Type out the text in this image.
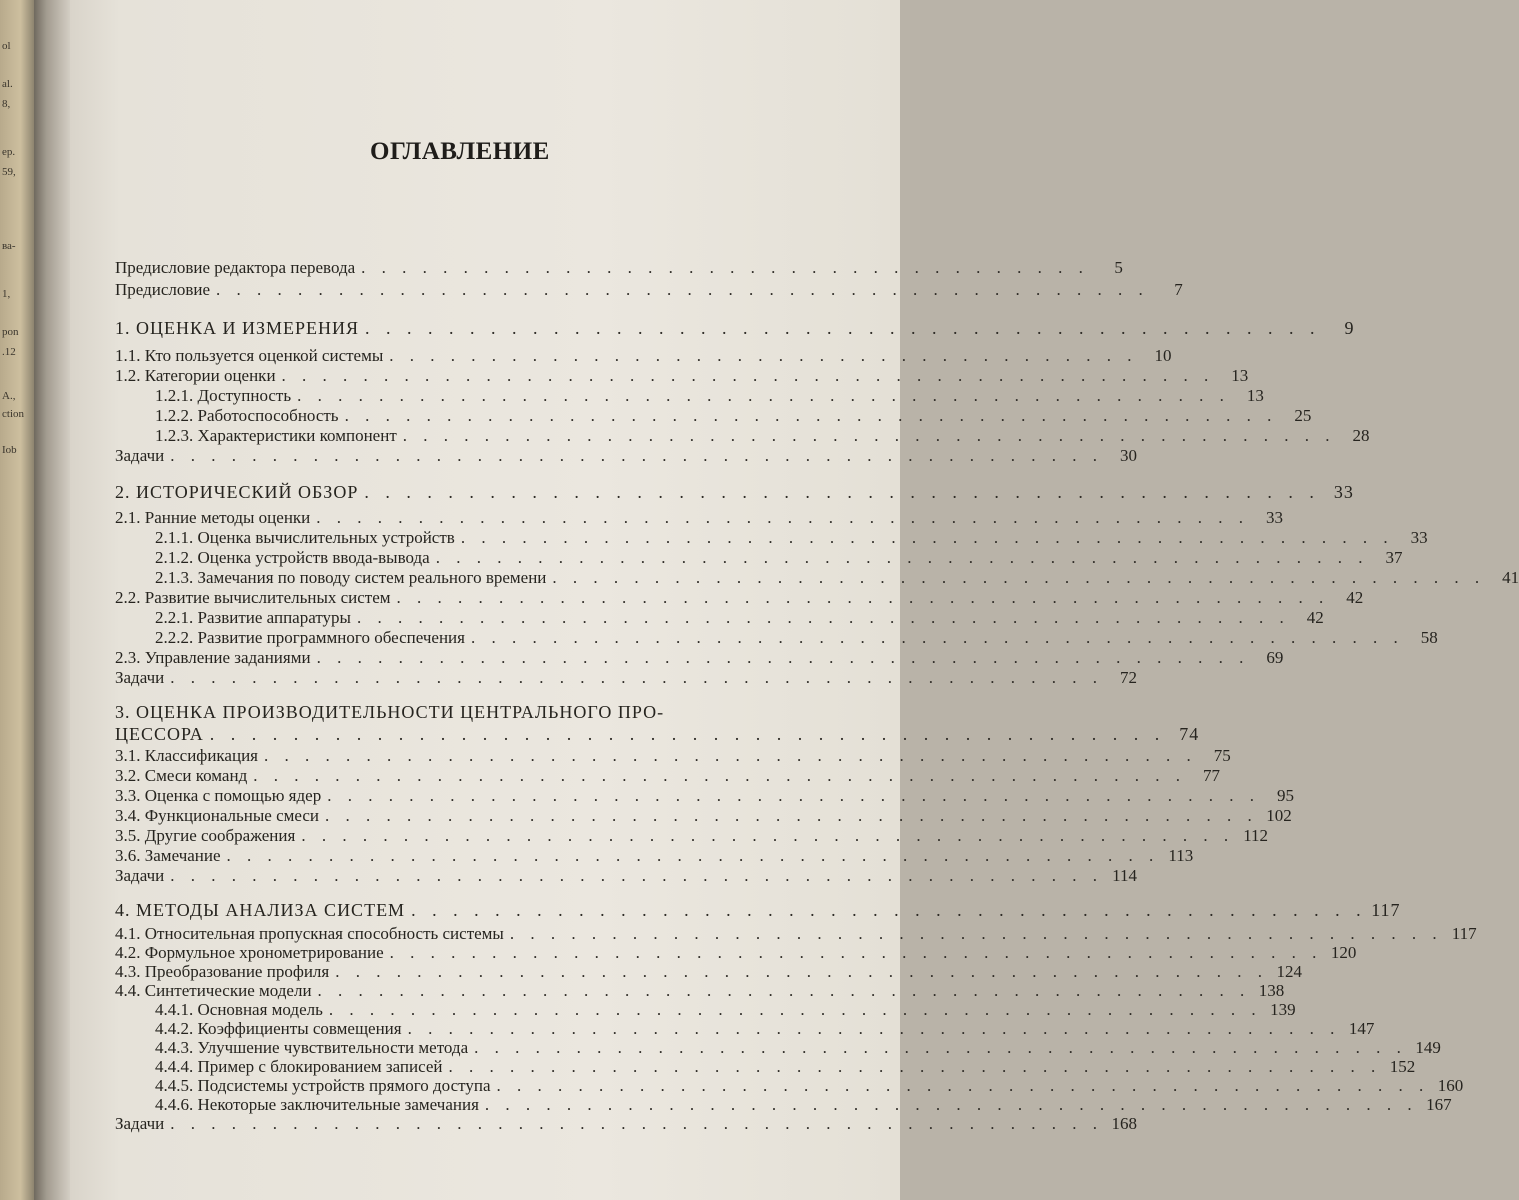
ol
al.
8,
ep.
59,
ва-
1,
pon
.12
A.,
ction
Iob
ОГЛАВЛЕНИЕ
Предисловие редактора перевода . . . . . . . . . . . . . . . . . . . . . . . . . . . . . . . . . . . .	5
Предисловие . . . . . . . . . . . . . . . . . . . . . . . . . . . . . . . . . . . . . . . . . . . . . .	7
1. ОЦЕНКА И ИЗМЕРЕНИЯ . . . . . . . . . . . . . . . . . . . . . . . . . . . . . . . . . . . . . . . . . . . . . .	9
1.1. Кто пользуется оценкой системы . . . . . . . . . . . . . . . . . . . . . . . . . . . . . . . . . . . . .	10
1.2. Категории оценки . . . . . . . . . . . . . . . . . . . . . . . . . . . . . . . . . . . . . . . . . . . . . .	13
1.2.1. Доступность . . . . . . . . . . . . . . . . . . . . . . . . . . . . . . . . . . . . . . . . . . . . . .	13
1.2.2. Работоспособность . . . . . . . . . . . . . . . . . . . . . . . . . . . . . . . . . . . . . . . . . . . . . .	25
1.2.3. Характеристики компонент . . . . . . . . . . . . . . . . . . . . . . . . . . . . . . . . . . . . . . . . . . . . . .	28
Задачи . . . . . . . . . . . . . . . . . . . . . . . . . . . . . . . . . . . . . . . . . . . . . .	30
2. ИСТОРИЧЕСКИЙ ОБЗОР . . . . . . . . . . . . . . . . . . . . . . . . . . . . . . . . . . . . . . . . . . . . . . 33
2.1. Ранние методы оценки . . . . . . . . . . . . . . . . . . . . . . . . . . . . . . . . . . . . . . . . . . . . . .	33
2.1.1. Оценка вычислительных устройств . . . . . . . . . . . . . . . . . . . . . . . . . . . . . . . . . . . . . . . . . . . . . .	33
2.1.2. Оценка устройств ввода-вывода . . . . . . . . . . . . . . . . . . . . . . . . . . . . . . . . . . . . . . . . . . . . . .	37
2.1.3. Замечания по поводу систем реального времени . . . . . . . . . . . . . . . . . . . . . . . . . . . . . . . . . . . . . . . . . . . . . .	41
2.2. Развитие вычислительных систем . . . . . . . . . . . . . . . . . . . . . . . . . . . . . . . . . . . . . . . . . . . . . .	42
2.2.1. Развитие аппаратуры . . . . . . . . . . . . . . . . . . . . . . . . . . . . . . . . . . . . . . . . . . . . . .	42
2.2.2. Развитие программного обеспечения . . . . . . . . . . . . . . . . . . . . . . . . . . . . . . . . . . . . . . . . . . . . . .	58
2.3. Управление заданиями . . . . . . . . . . . . . . . . . . . . . . . . . . . . . . . . . . . . . . . . . . . . . .	69
Задачи . . . . . . . . . . . . . . . . . . . . . . . . . . . . . . . . . . . . . . . . . . . . . .	72
3. ОЦЕНКА ПРОИЗВОДИТЕЛЬНОСТИ ЦЕНТРАЛЬНОГО ПРО-
ЦЕССОРА . . . . . . . . . . . . . . . . . . . . . . . . . . . . . . . . . . . . . . . . . . . . . . 74
3.1. Классификация . . . . . . . . . . . . . . . . . . . . . . . . . . . . . . . . . . . . . . . . . . . . . .	75
3.2. Смеси команд . . . . . . . . . . . . . . . . . . . . . . . . . . . . . . . . . . . . . . . . . . . . . .	77
3.3. Оценка с помощью ядер . . . . . . . . . . . . . . . . . . . . . . . . . . . . . . . . . . . . . . . . . . . . . .	95
3.4. Функциональные смеси . . . . . . . . . . . . . . . . . . . . . . . . . . . . . . . . . . . . . . . . . . . . . . 102
3.5. Другие соображения . . . . . . . . . . . . . . . . . . . . . . . . . . . . . . . . . . . . . . . . . . . . . . 112
3.6. Замечание . . . . . . . . . . . . . . . . . . . . . . . . . . . . . . . . . . . . . . . . . . . . . . 113
Задачи . . . . . . . . . . . . . . . . . . . . . . . . . . . . . . . . . . . . . . . . . . . . . . 114
4. МЕТОДЫ АНАЛИЗА СИСТЕМ . . . . . . . . . . . . . . . . . . . . . . . . . . . . . . . . . . . . . . . . . . . . . . 117
4.1. Относительная пропускная способность системы . . . . . . . . . . . . . . . . . . . . . . . . . . . . . . . . . . . . . . . . . . . . . . 117
4.2. Формульное хронометрирование . . . . . . . . . . . . . . . . . . . . . . . . . . . . . . . . . . . . . . . . . . . . . . 120
4.3. Преобразование профиля . . . . . . . . . . . . . . . . . . . . . . . . . . . . . . . . . . . . . . . . . . . . . . 124
4.4. Синтетические модели . . . . . . . . . . . . . . . . . . . . . . . . . . . . . . . . . . . . . . . . . . . . . . 138
4.4.1. Основная модель . . . . . . . . . . . . . . . . . . . . . . . . . . . . . . . . . . . . . . . . . . . . . . 139
4.4.2. Коэффициенты совмещения . . . . . . . . . . . . . . . . . . . . . . . . . . . . . . . . . . . . . . . . . . . . . . 147
4.4.3. Улучшение чувствительности метода . . . . . . . . . . . . . . . . . . . . . . . . . . . . . . . . . . . . . . . . . . . . . . 149
4.4.4. Пример с блокированием записей . . . . . . . . . . . . . . . . . . . . . . . . . . . . . . . . . . . . . . . . . . . . . . 152
4.4.5. Подсистемы устройств прямого доступа . . . . . . . . . . . . . . . . . . . . . . . . . . . . . . . . . . . . . . . . . . . . . . 160
4.4.6. Некоторые заключительные замечания . . . . . . . . . . . . . . . . . . . . . . . . . . . . . . . . . . . . . . . . . . . . . . 167
Задачи . . . . . . . . . . . . . . . . . . . . . . . . . . . . . . . . . . . . . . . . . . . . . . 168
